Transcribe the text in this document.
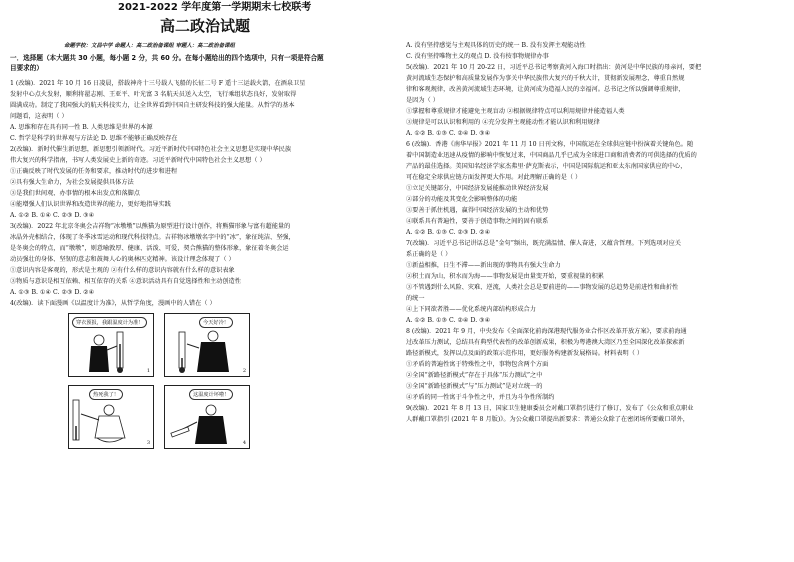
2021-2022 学年度第一学期期末七校联考
高二政治试题
命题学校：文昌中学 命题人：高二政治备课组 审题人：高二政治备课组
一．选择题（本大题共 30 小题，每小题 2 分，共 60 分。在每小题给出的四个选项中，只有一项是符合题
目要求的）
1 (改编)．2021 年 10 月 16 日凌晨，搭载神舟十三号载人飞船的长征二号 F 遥十三运载火箭，在酒泉卫星
发射中心点火发射，顺利将翟志刚、王亚平、叶光富 3 名航天员送入太空，飞行乘组状态良好，发射取得
圆满成功。制定了我国强大的航天科技实力，让全世界看到中国自主研发科技的强大能量。从哲学的基本
问题看，这表明（ ）
A. 思维和存在具有同一性 B. 人类思维是世界的本源
C. 哲学是科学的世界观与方法论 D. 思维不能够正确反映存在
2(改编)．新时代催生新思想，新思想引领新时代。习近平新时代中国特色社会主义思想是实现中华民族
伟大复兴的科学指南，书写人类发展史上新的奇迹。习近平新时代中国特色社会主义思想（ ）
①正确反映了时代发展的任务和要求，推动时代的进步和进程
②具有强大生命力，为社会发展提供具体方法
③是我们世间观、办事情的根本出发点和落脚点
④能增强人们认识世界和改造世界的能力，更好地指导实践
A. ①② B. ①④ C. ②③ D. ③④
3(改编)．2022 年北京冬奥会吉祥物“冰墩墩”以熊猫为原型进行设计创作，将熊猫形象与富有超能量的
冰晶外壳相结合，体现了冬季冰雪运动和现代科技特点。吉祥物冰墩墩名字中的“冰”，象征纯洁、坚强，
是冬奥会的特点，而“墩墩”，则意喻敦厚、健康、活泼、可爱，契合熊猫的整体形象，象征着冬奥会运
动员强壮的身体、坚韧的意志和鼓舞人心的奥林匹克精神。该设计理念体现了（ ）
①意识内容是客观的，形式是主观的 ②有什么样的意识内容就有什么样的意识表象
③物质与意识是相互依赖、相互依存的关系 ④意识活动具有自觉选择性和主动创造性
A. ①③ B. ①④ C. ②③ D. ②④
4(改编)．读下面漫画《以温度计为准》，从哲学角度，漫画中的人错在（ ）
穿衣预报，我跟温度计为准！
1
今天好冷！
2
热死我了！
3
这温度计坏啦！
4
A. 没有坚持感觉与主观具体的历史的统一 B. 没有发挥主观能动性
C. 没有坚持唯物主义的观点 D. 没有按事物规律办事
5(改编)．2021 年 10 月 20-22 日，习近平总书记考察黄河入海口时指出：黄河是中华民族的母亲河，要把
黄河流域生态保护和高质量发展作为事关中华民族伟大复兴的千秋大计，贯彻新发展理念，尊重自然规
律和客观规律，改善黄河流域生态环境，让黄河成为造福人民的幸福河。总书记之所以强调尊重规律，
是因为（ ）
①掌握和尊重规律才能避免主观盲动 ②根据规律特点可以利用规律并能造福人类
③规律是可以认识和利用的 ④充分发挥主观能动性才能认识和利用规律
A. ①② B. ①③ C. ②④ D. ③④
6 (改编)．香港《南华早报》2021 年 11 月 10 日刊文称，中国航运在全球供应链中扮演着关键角色。随
着中国制造业迅速从疫情的影响中恢复过来，中国商品几乎已成为全球进口商和消费者的可供选择的优质的
产品的最佳选择。美国知名经济学家杰弗里·萨克斯表示，中国是国际航运和亚太东南国家供应的中心，
可在稳定全球供应链方面发挥更大作用。对此理解正确的是（ ）
①立足关键部分，中国经济发展能推动世界经济发展
②部分的功能及其变化会影响整体的功能
③要善于抓住机遇，赢得中国经济发展的主动和优势
④联系具有普遍性，要善于创造事物之间的固有联系
A. ①② B. ①③ C. ②③ D. ②④
7(改编)．习近平总书记讲话总是“金句”频出，既充满温情、催人奋进，又蕴含哲理。下列选项对应关
系正确的是（ ）
①新益相推，日生不滞——新出现的事物具有强大生命力
②积土而为山，积水而为海——事物发展是由量变开始，要重视量的积累
③不管遇到什么风险、灾难、逆流，人类社会总是要前进的——事物发展的总趋势是前进性和曲折性
的统一
④上下同欲者胜——优化系统内部结构形成合力
A. ①② B. ①③ C. ②④ D. ③④
8 (改编)．2021 年 9 月，中央发布《全面深化前海深港现代服务业合作区改革开放方案》，要求前海通
过改革压力测试，总结具有典型代表性的改革创新成果，积极为粤港澳大湾区乃至全国深化改革探索新
路径新模式，发挥以点及面的政策示范作用，更好服务构建新发展格局。材料表明（ ）
①矛盾的普遍性寓于特殊性之中，事物包含两个方面
②全国“新路径新模式”存在于具体“压力测试”之中
③全国“新路径新模式”与“压力测试”是对立统一的
④矛盾的同一性寓于斗争性之中，并且为斗争性所制约
9(改编)．2021 年 8 月 13 日，国家卫生健康委员会对戴口罩指引进行了修订，发布了《公众和重点职业
人群戴口罩指引 (2021 年 8 月版)》。为公众戴口罩提出新要求：普通公众除了在密闭场所要戴口罩外，
